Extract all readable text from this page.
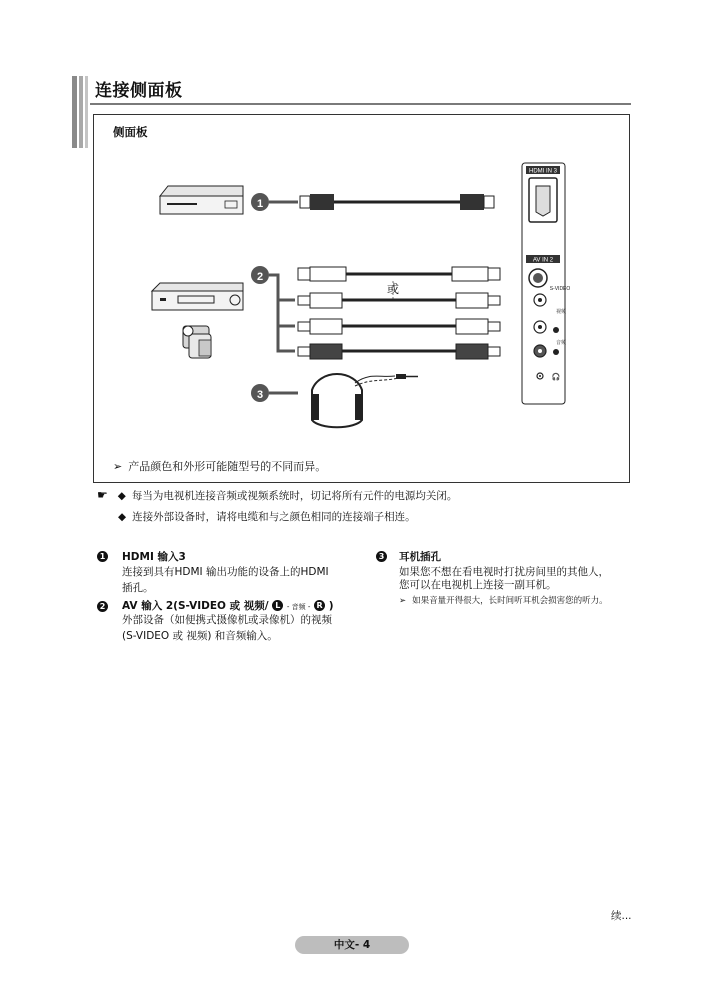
连接侧面板
侧面板
1
2
3
或
HDMI IN 3
AV IN 2
S-VIDEO
视频
音频
🎧
➢ 产品颜色和外形可能随型号的不同而异。
☛ ◆ 每当为电视机连接音频或视频系统时，切记将所有元件的电源均关闭。
◆ 连接外部设备时，请将电缆和与之颜色相同的连接端子相连。
1 HDMI 输入3
连接到具有HDMI 输出功能的设备上的HDMI
插孔。
2 AV 输入 2(S-VIDEO 或 视频/ L - 音频 - R )
外部设备（如便携式摄像机或录像机）的视频
(S-VIDEO 或 视频) 和音频输入。
3 耳机插孔
如果您不想在看电视时打扰房间里的其他人，
您可以在电视机上连接一副耳机。
➢ 如果音量开得很大，长时间听耳机会损害您的听力。
续...
中文- 4
